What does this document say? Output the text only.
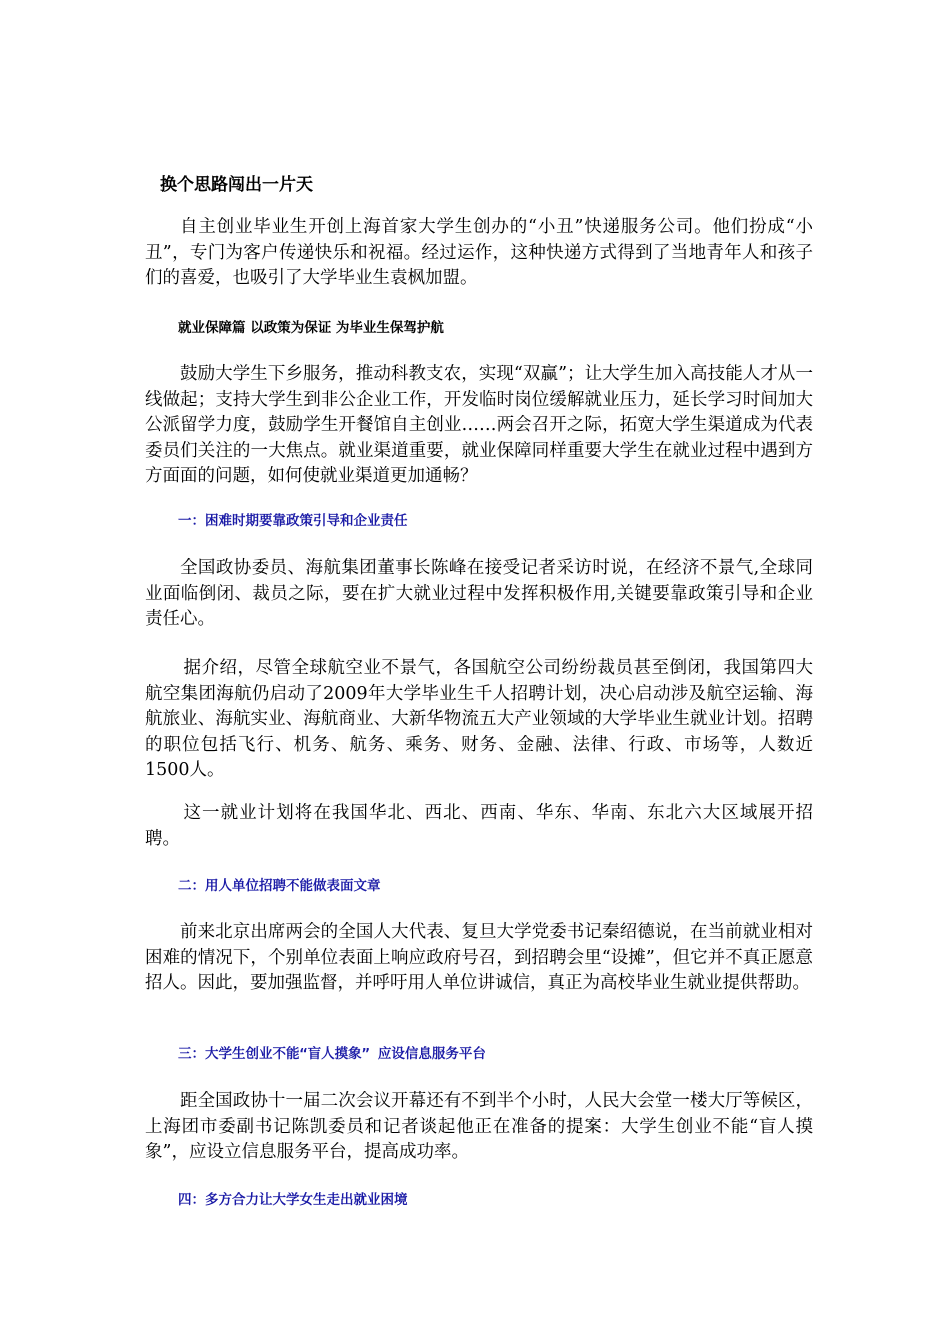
换个思路闯出一片天
自主创业毕业生开创上海首家大学生创办的“小丑”快递服务公司。他们扮成“小丑”，专门为客户传递快乐和祝福。经过运作，这种快递方式得到了当地青年人和孩子们的喜爱，也吸引了大学毕业生袁枫加盟。
就业保障篇 以政策为保证 为毕业生保驾护航
鼓励大学生下乡服务，推动科教支农，实现“双赢”；让大学生加入高技能人才从一线做起；支持大学生到非公企业工作，开发临时岗位缓解就业压力，延长学习时间加大公派留学力度，鼓励学生开餐馆自主创业……两会召开之际，拓宽大学生渠道成为代表委员们关注的一大焦点。就业渠道重要，就业保障同样重要大学生在就业过程中遇到方方面面的问题，如何使就业渠道更加通畅？
一：困难时期要靠政策引导和企业责任
全国政协委员、海航集团董事长陈峰在接受记者采访时说，在经济不景气,全球同业面临倒闭、裁员之际，要在扩大就业过程中发挥积极作用,关键要靠政策引导和企业责任心。
据介绍，尽管全球航空业不景气，各国航空公司纷纷裁员甚至倒闭，我国第四大航空集团海航仍启动了2009年大学毕业生千人招聘计划，决心启动涉及航空运输、海航旅业、海航实业、海航商业、大新华物流五大产业领域的大学毕业生就业计划。招聘的职位包括飞行、机务、航务、乘务、财务、金融、法律、行政、市场等，人数近1500人。
这一就业计划将在我国华北、西北、西南、华东、华南、东北六大区域展开招聘。
二：用人单位招聘不能做表面文章
前来北京出席两会的全国人大代表、复旦大学党委书记秦绍德说，在当前就业相对困难的情况下，个别单位表面上响应政府号召，到招聘会里“设摊”，但它并不真正愿意招人。因此，要加强监督，并呼吁用人单位讲诚信，真正为高校毕业生就业提供帮助。
三：大学生创业不能“盲人摸象” 应设信息服务平台
距全国政协十一届二次会议开幕还有不到半个小时，人民大会堂一楼大厅等候区，上海团市委副书记陈凯委员和记者谈起他正在准备的提案：大学生创业不能“盲人摸象”，应设立信息服务平台，提高成功率。
四：多方合力让大学女生走出就业困境
